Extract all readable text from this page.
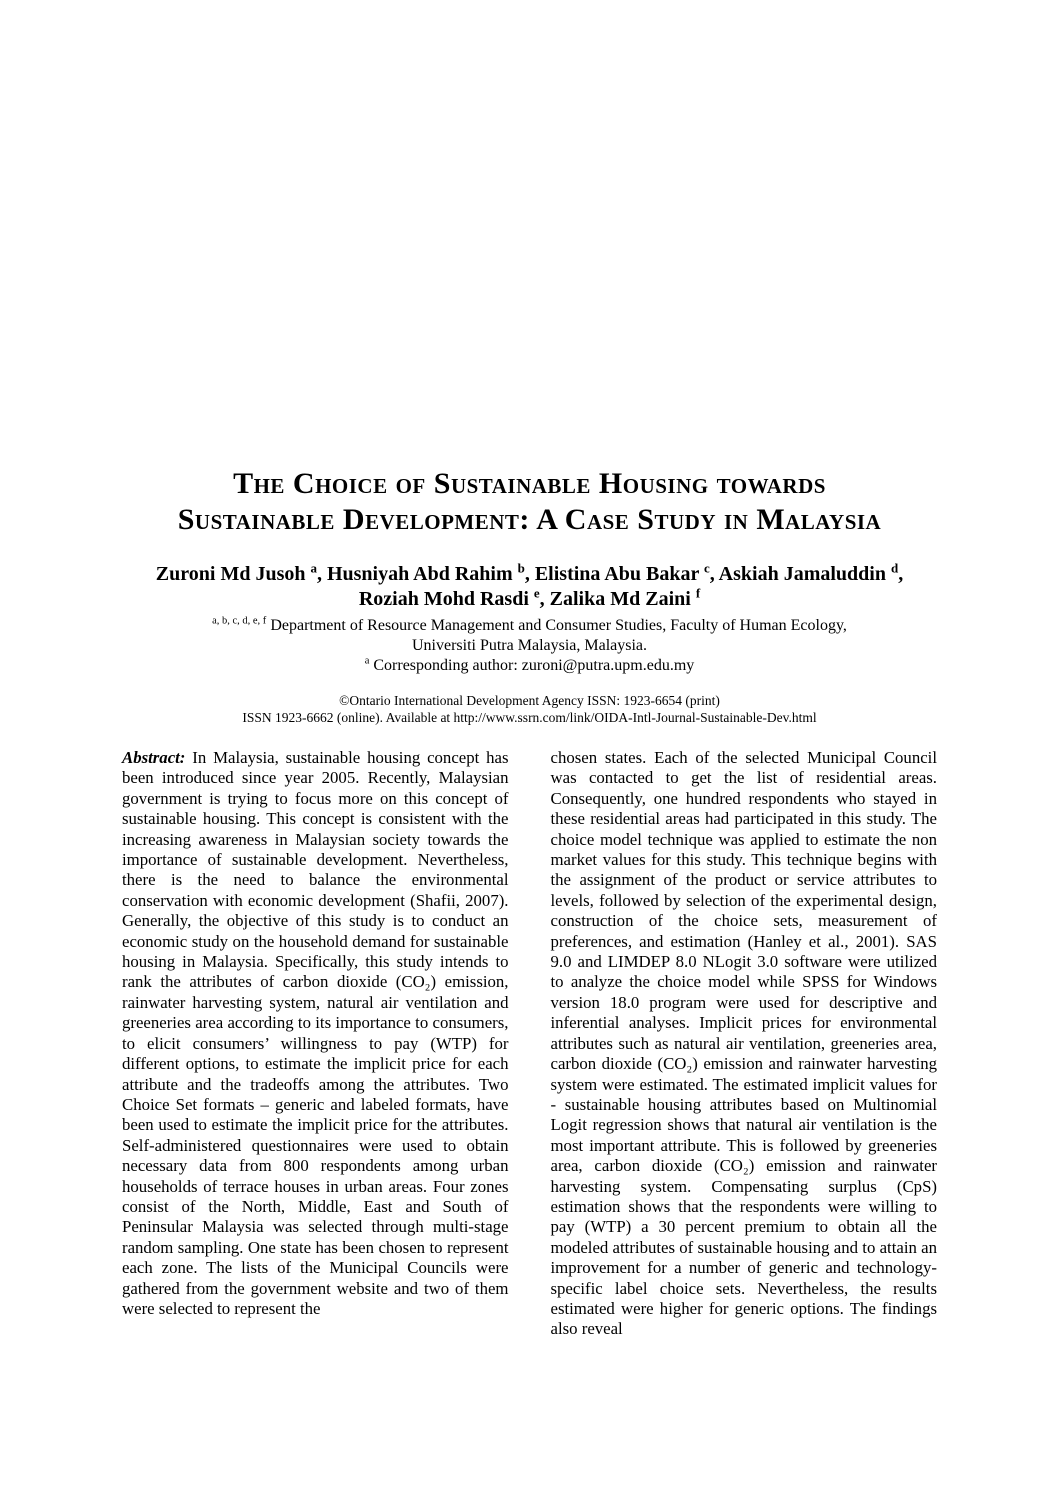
The Choice of Sustainable Housing towards
Sustainable Development: A Case Study in Malaysia
Zuroni Md Jusoh $^a$, Husniyah Abd Rahim $^b$, Elistina Abu Bakar $^c$, Askiah Jamaluddin $^d$,
Roziah Mohd Rasdi $^e$, Zalika Md Zaini $^f$
$^{a, b, c, d, e, f}$ Department of Resource Management and Consumer Studies, Faculty of Human Ecology,
Universiti Putra Malaysia, Malaysia.
$^a$ Corresponding author: zuroni@putra.upm.edu.my
©Ontario International Development Agency ISSN: 1923-6654 (print)
ISSN 1923-6662 (online). Available at http://www.ssrn.com/link/OIDA-Intl-Journal-Sustainable-Dev.html
Abstract: In Malaysia, sustainable housing concept has been introduced since year 2005. Recently, Malaysian government is trying to focus more on this concept of sustainable housing. This concept is consistent with the increasing awareness in Malaysian society towards the importance of sustainable development. Nevertheless, there is the need to balance the environmental conservation with economic development (Shafii, 2007). Generally, the objective of this study is to conduct an economic study on the household demand for sustainable housing in Malaysia. Specifically, this study intends to rank the attributes of carbon dioxide (CO₂) emission, rainwater harvesting system, natural air ventilation and greeneries area according to its importance to consumers, to elicit consumers’ willingness to pay (WTP) for different options, to estimate the implicit price for each attribute and the tradeoffs among the attributes. Two Choice Set formats – generic and labeled formats, have been used to estimate the implicit price for the attributes. Self-administered questionnaires were used to obtain necessary data from 800 respondents among urban households of terrace houses in urban areas. Four zones consist of the North, Middle, East and South of Peninsular Malaysia was selected through multi-stage random sampling. One state has been chosen to represent each zone. The lists of the Municipal Councils were gathered from the government website and two of them were selected to represent the
chosen states. Each of the selected Municipal Council was contacted to get the list of residential areas. Consequently, one hundred respondents who stayed in these residential areas had participated in this study. The choice model technique was applied to estimate the non market values for this study. This technique begins with the assignment of the product or service attributes to levels, followed by selection of the experimental design, construction of the choice sets, measurement of preferences, and estimation (Hanley et al., 2001). SAS 9.0 and LIMDEP 8.0 NLogit 3.0 software were utilized to analyze the choice model while SPSS for Windows version 18.0 program were used for descriptive and inferential analyses. Implicit prices for environmental attributes such as natural air ventilation, greeneries area, carbon dioxide (CO₂) emission and rainwater harvesting system were estimated. The estimated implicit values for - sustainable housing attributes based on Multinomial Logit regression shows that natural air ventilation is the most important attribute. This is followed by greeneries area, carbon dioxide (CO₂) emission and rainwater harvesting system. Compensating surplus (CpS) estimation shows that the respondents were willing to pay (WTP) a 30 percent premium to obtain all the modeled attributes of sustainable housing and to attain an improvement for a number of generic and technology-specific label choice sets. Nevertheless, the results estimated were higher for generic options. The findings also reveal
